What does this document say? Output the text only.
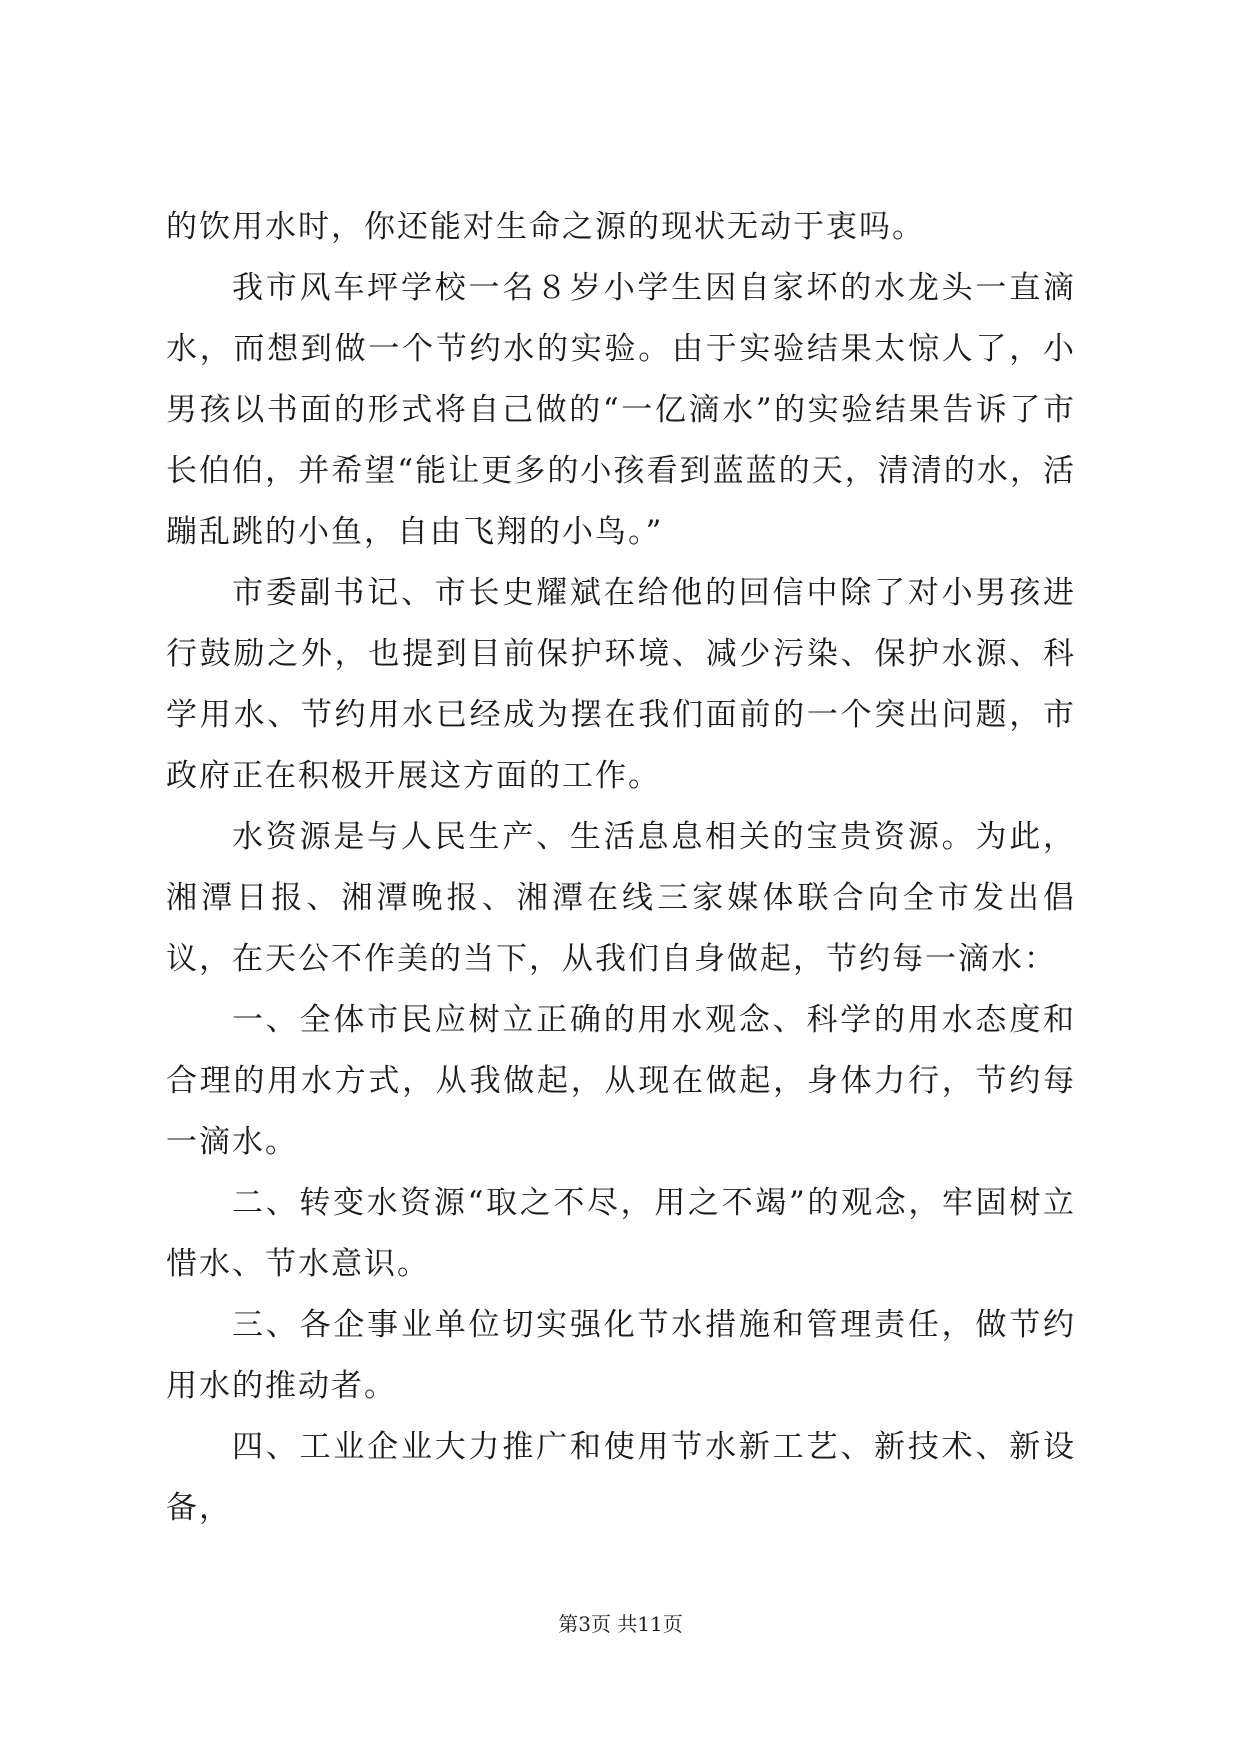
的饮用水时，你还能对生命之源的现状无动于衷吗。

我市风车坪学校一名８岁小学生因自家坏的水龙头一直滴水，而想到做一个节约水的实验。由于实验结果太惊人了，小男孩以书面的形式将自己做的“一亿滴水”的实验结果告诉了市长伯伯，并希望“能让更多的小孩看到蓝蓝的天，清清的水，活蹦乱跳的小鱼，自由飞翔的小鸟。”

市委副书记、市长史耀斌在给他的回信中除了对小男孩进行鼓励之外，也提到目前保护环境、减少污染、保护水源、科学用水、节约用水已经成为摆在我们面前的一个突出问题，市政府正在积极开展这方面的工作。

水资源是与人民生产、生活息息相关的宝贵资源。为此，湘潭日报、湘潭晚报、湘潭在线三家媒体联合向全市发出倡议，在天公不作美的当下，从我们自身做起，节约每一滴水：

一、全体市民应树立正确的用水观念、科学的用水态度和合理的用水方式，从我做起，从现在做起，身体力行，节约每一滴水。

二、转变水资源“取之不尽，用之不竭”的观念，牢固树立惜水、节水意识。

三、各企事业单位切实强化节水措施和管理责任，做节约用水的推动者。

四、工业企业大力推广和使用节水新工艺、新技术、新设备，

第3页 共11页
